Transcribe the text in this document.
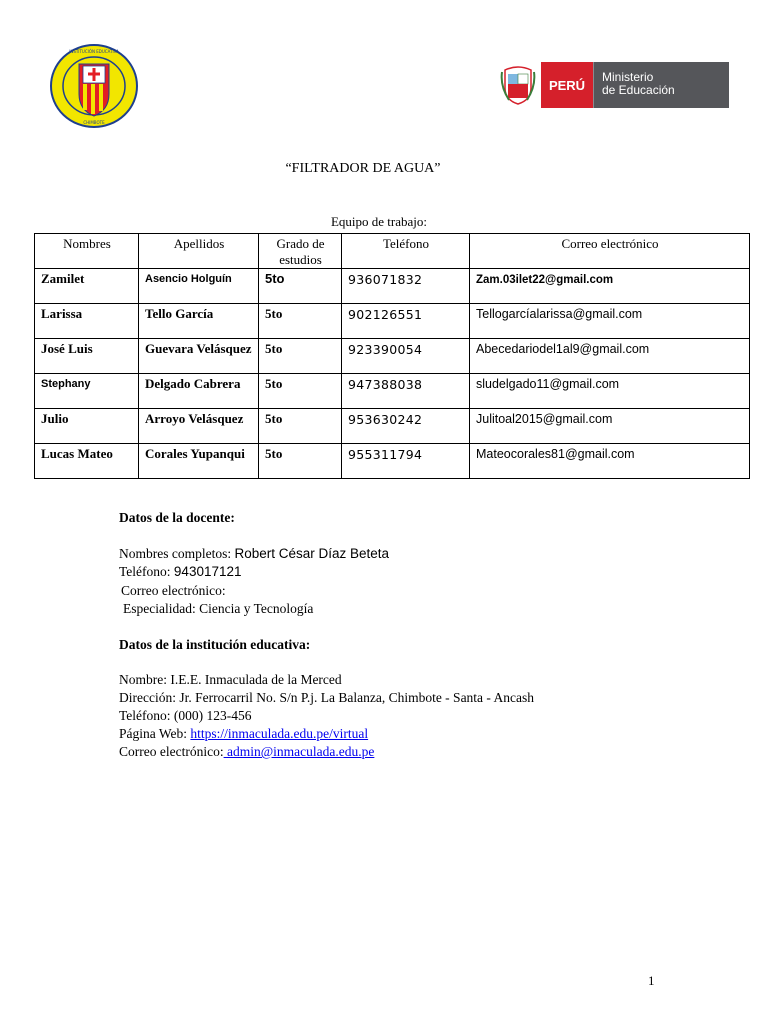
INSTITUCIÓN EDUCATIVA
CHIMBOTE
PERÚ
Ministerio
de Educación
“FILTRADOR DE AGUA”
Equipo de trabajo:
Nombres	Apellidos	Grado de estudios	Teléfono	Correo electrónico
Zamilet	Asencio Holguín	5to	936071832	Zam.03ilet22@gmail.com
Larissa	Tello García	5to	902126551	Tellogarcíalarissa@gmail.com
José Luis	Guevara Velásquez	5to	923390054	Abecedariodel1al9@gmail.com
Stephany	Delgado Cabrera	5to	947388038	sludelgado11@gmail.com
Julio	Arroyo Velásquez	5to	953630242	Julitoal2015@gmail.com
Lucas Mateo	Corales Yupanqui	5to	955311794	Mateocorales81@gmail.com
Datos de la docente:
Nombres completos: Robert César Díaz Beteta
Teléfono: 943017121
Correo electrónico:
Especialidad: Ciencia y Tecnología
Datos de la institución educativa:
Nombre: I.E.E. Inmaculada de la Merced
Dirección: Jr. Ferrocarril No. S/n P.j. La Balanza, Chimbote - Santa - Ancash
Teléfono: (000) 123-456
Página Web: https://inmaculada.edu.pe/virtual
Correo electrónico: admin@inmaculada.edu.pe
1
